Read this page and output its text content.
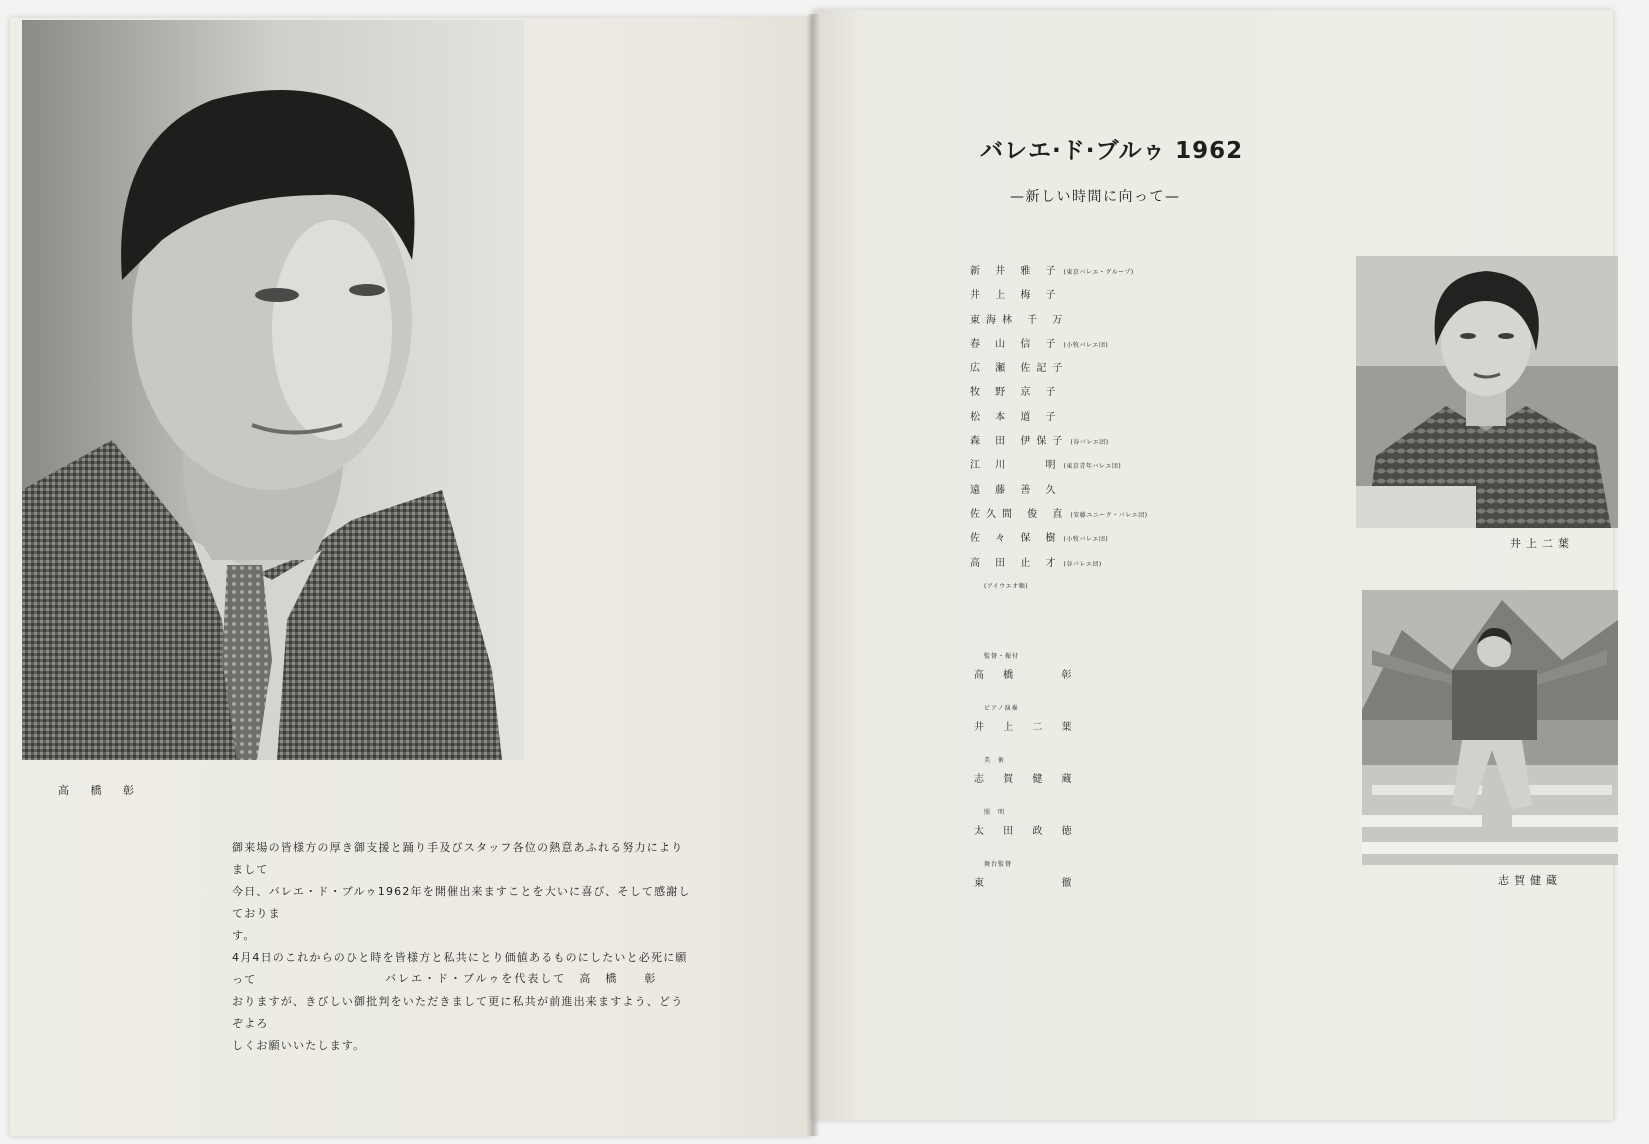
高 橋 彰

御来場の皆様方の厚き御支援と踊り手及びスタッフ各位の熱意あふれる努力によりまして

今日、バレエ・ド・ブルゥ1962年を開催出来ますことを大いに喜び、そして感謝しておりま

す。

4月4日のこれからのひと時を皆様方と私共にとり価値あるものにしたいと必死に願って

おりますが、きびしい御批判をいただきまして更に私共が前進出来ますよう、どうぞよろ

しくお願いいたします。

バレエ・ド・ブルゥを代表して　高　橋　　彰
バレエ·ド·ブルゥ 1962
—新しい時間に向って—
新 井 雅 子 (東京バレエ・グループ)
井 上 梅 子
東海林 千 万
春 山 信 子 (小牧バレエ団)
広 瀬 佐記子
牧 野 京 子
松 本 道 子
森 田 伊保子 (谷バレエ団)
江 川 　 明 (東京青年バレエ団)
遠 藤 善 久
佐久間 俊 直 (安藤ユニーク・バレエ団)
佐 々 保 樹 (小牧バレエ団)
高 田 止 才 (谷バレエ団)
(アイウエオ順)
監督・振付
高 橋 　 彰
ピアノ演奏
井 上 二 葉
美　術
志 賀 健 蔵
照　明
太 田 政 徳
舞台監督
東 　 　 徹
井上二葉
志賀健蔵
